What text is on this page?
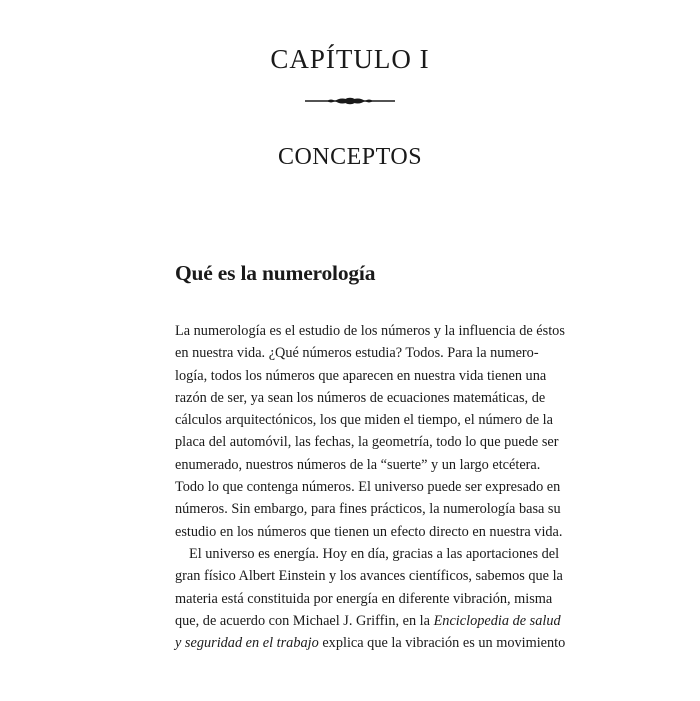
CAPÍTULO I
CONCEPTOS
Qué es la numerología
La numerología es el estudio de los números y la influencia de éstos
en nuestra vida. ¿Qué números estudia? Todos. Para la numero-
logía, todos los números que aparecen en nuestra vida tienen una
razón de ser, ya sean los números de ecuaciones matemáticas, de
cálculos arquitectónicos, los que miden el tiempo, el número de la
placa del automóvil, las fechas, la geometría, todo lo que puede ser
enumerado, nuestros números de la “suerte” y un largo etcétera.
Todo lo que contenga números. El universo puede ser expresado en
números. Sin embargo, para fines prácticos, la numerología basa su
estudio en los números que tienen un efecto directo en nuestra vida.
El universo es energía. Hoy en día, gracias a las aportaciones del
gran físico Albert Einstein y los avances científicos, sabemos que la
materia está constituida por energía en diferente vibración, misma
que, de acuerdo con Michael J. Griffin, en la Enciclopedia de salud
y seguridad en el trabajo explica que la vibración es un movimiento
